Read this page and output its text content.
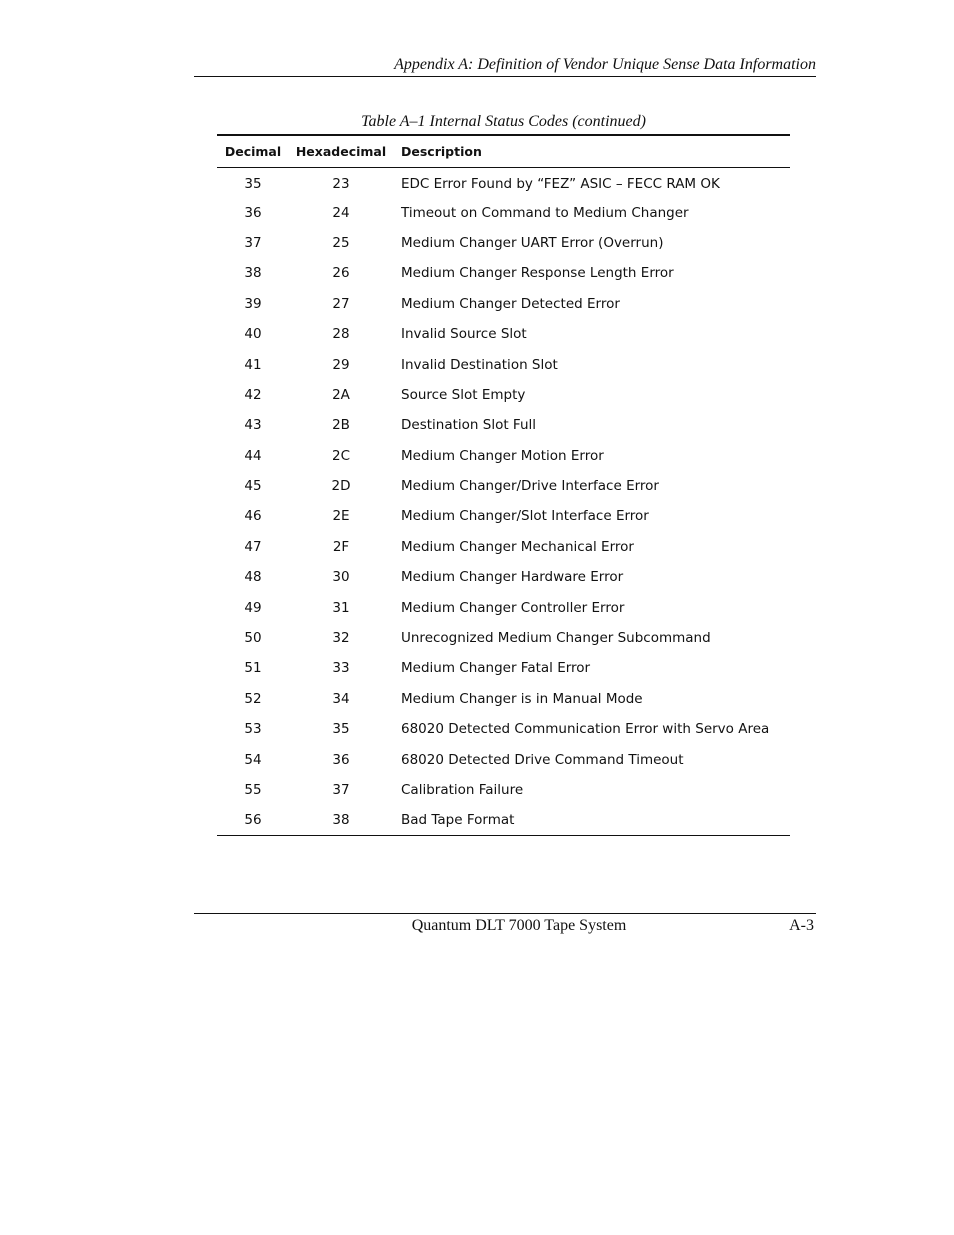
Appendix A: Definition of Vendor Unique Sense Data Information
Table A–1 Internal Status Codes (continued)
Decimal	Hexadecimal	Description
35	23	EDC Error Found by “FEZ” ASIC – FECC RAM OK
36	24	Timeout on Command to Medium Changer
37	25	Medium Changer UART Error (Overrun)
38	26	Medium Changer Response Length Error
39	27	Medium Changer Detected Error
40	28	Invalid Source Slot
41	29	Invalid Destination Slot
42	2A	Source Slot Empty
43	2B	Destination Slot Full
44	2C	Medium Changer Motion Error
45	2D	Medium Changer/Drive Interface Error
46	2E	Medium Changer/Slot Interface Error
47	2F	Medium Changer Mechanical Error
48	30	Medium Changer Hardware Error
49	31	Medium Changer Controller Error
50	32	Unrecognized Medium Changer Subcommand
51	33	Medium Changer Fatal Error
52	34	Medium Changer is in Manual Mode
53	35	68020 Detected Communication Error with Servo Area
54	36	68020 Detected Drive Command Timeout
55	37	Calibration Failure
56	38	Bad Tape Format
Quantum DLT 7000 Tape System	A-3
